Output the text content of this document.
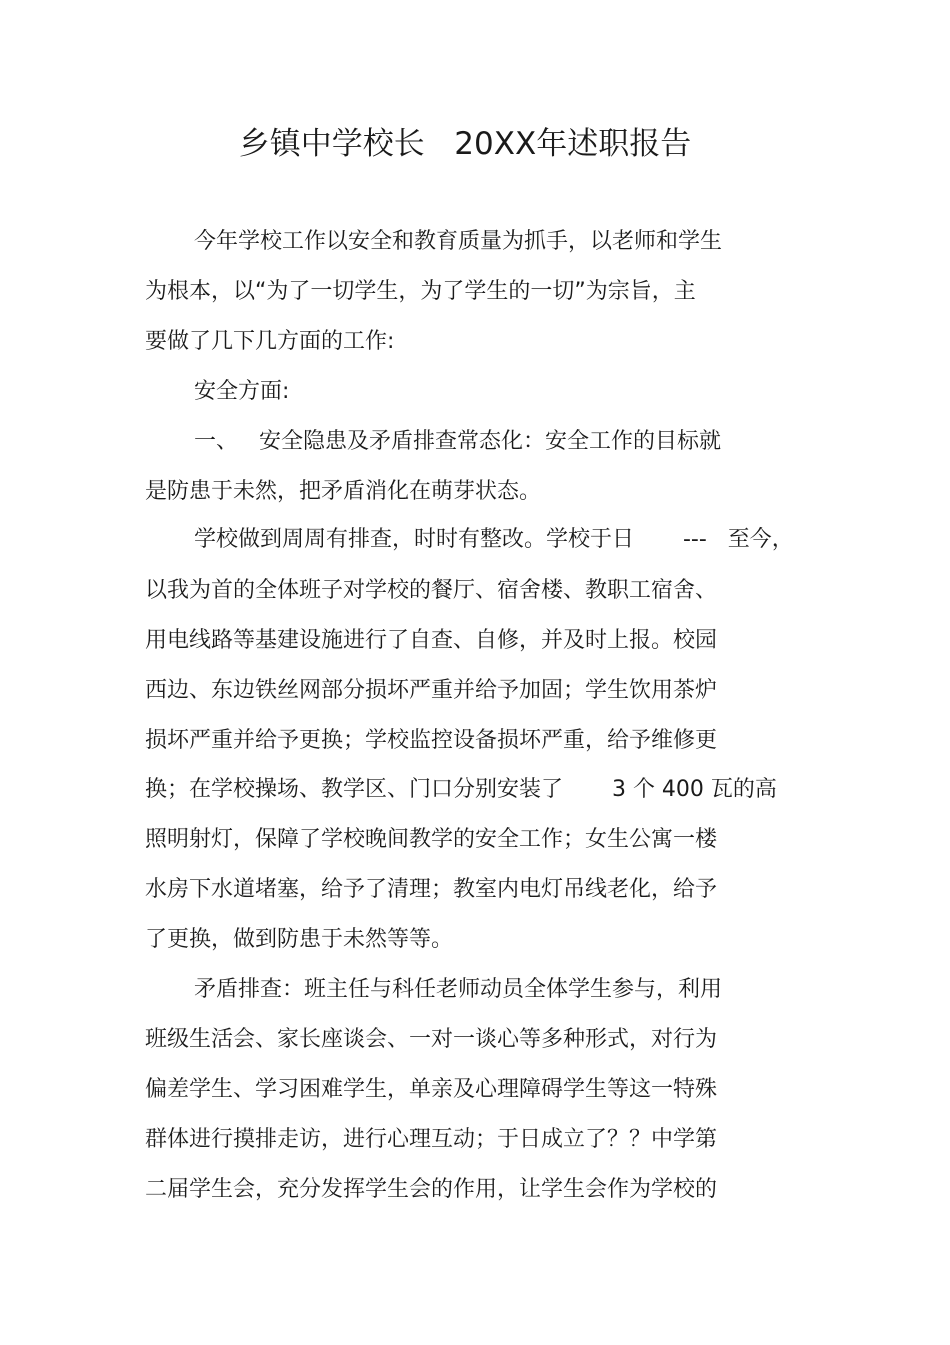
乡镇中学校长   20XX年述职报告

今年学校工作以安全和教育质量为抓手，以老师和学生

为根本，以“为了一切学生，为了学生的一切”为宗旨，主

要做了几下几方面的工作:

安全方面:

一、   安全隐患及矛盾排查常态化：安全工作的目标就

是防患于未然，把矛盾消化在萌芽状态。

学校做到周周有排查，时时有整改。学校于日       ---   至今，

以我为首的全体班子对学校的餐厅、宿舍楼、教职工宿舍、

用电线路等基建设施进行了自查、自修，并及时上报。校园

西边、东边铁丝网部分损坏严重并给予加固；学生饮用茶炉

损坏严重并给予更换；学校监控设备损坏严重，给予维修更

换；在学校操场、教学区、门口分别安装了       3 个 400 瓦的高

照明射灯，保障了学校晚间教学的安全工作；女生公寓一楼

水房下水道堵塞，给予了清理；教室内电灯吊线老化，给予

了更换，做到防患于未然等等。

矛盾排查：班主任与科任老师动员全体学生参与，利用

班级生活会、家长座谈会、一对一谈心等多种形式，对行为

偏差学生、学习困难学生，单亲及心理障碍学生等这一特殊

群体进行摸排走访，进行心理互动；于日成立了？？中学第

二届学生会，充分发挥学生会的作用，让学生会作为学校的
